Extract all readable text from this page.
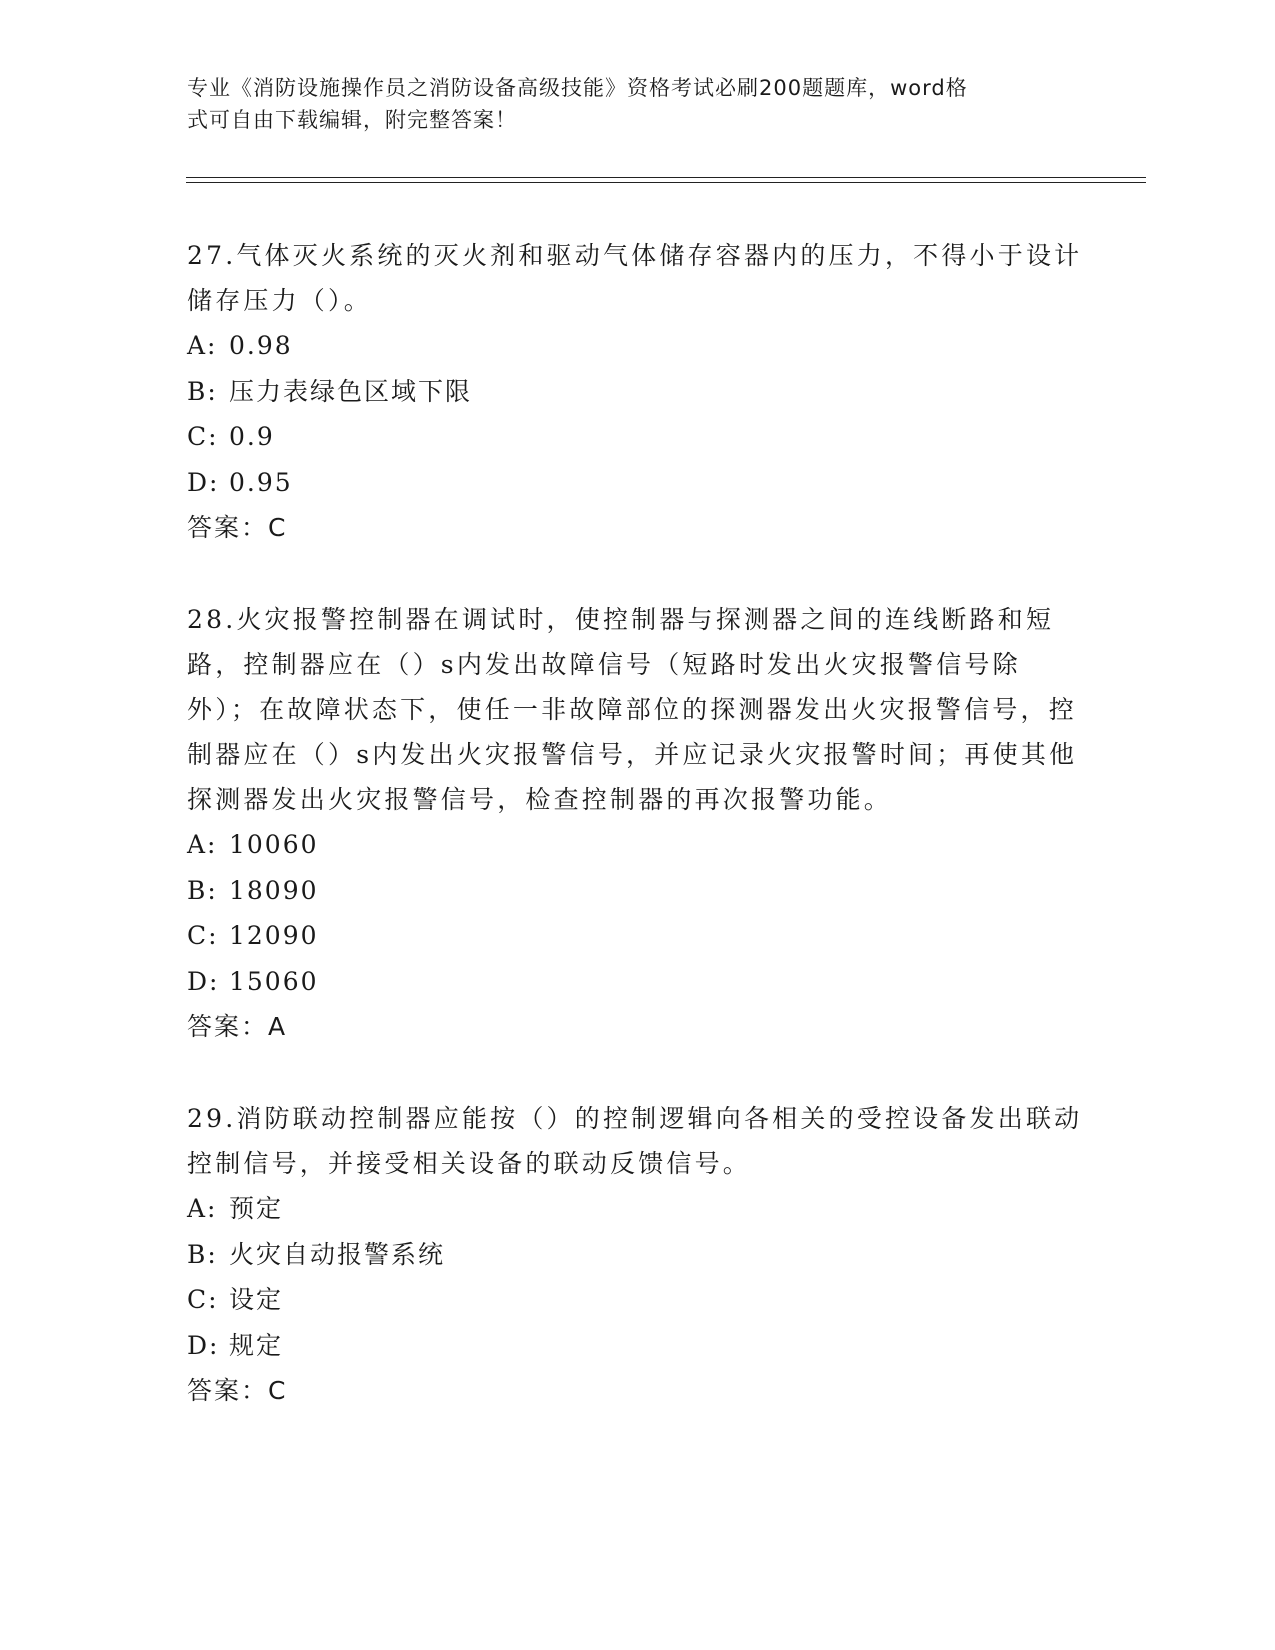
专业《消防设施操作员之消防设备高级技能》资格考试必刷200题题库，word格
式可自由下载编辑，附完整答案！

27.气体灭火系统的灭火剂和驱动气体储存容器内的压力，不得小于设计储存压力（）。

A: 0.98

B: 压力表绿色区域下限

C: 0.9

D: 0.95

答案：C

28.火灾报警控制器在调试时，使控制器与探测器之间的连线断路和短路，控制器应在（）s内发出故障信号（短路时发出火灾报警信号除外）；在故障状态下，使任一非故障部位的探测器发出火灾报警信号，控制器应在（）s内发出火灾报警信号，并应记录火灾报警时间；再使其他探测器发出火灾报警信号，检查控制器的再次报警功能。

A: 10060

B: 18090

C: 12090

D: 15060

答案：A

29.消防联动控制器应能按（）的控制逻辑向各相关的受控设备发出联动控制信号，并接受相关设备的联动反馈信号。

A: 预定

B: 火灾自动报警系统

C: 设定

D: 规定

答案：C
